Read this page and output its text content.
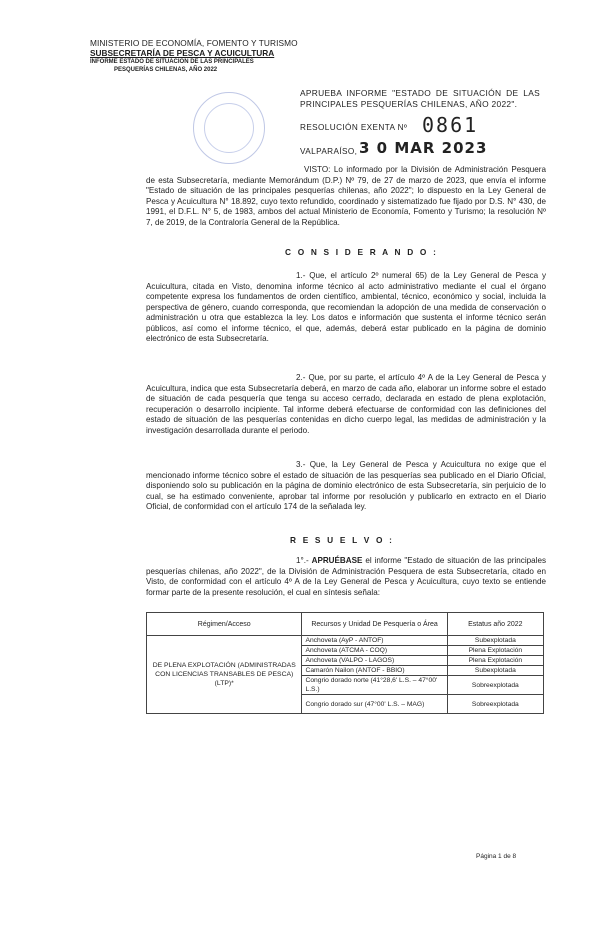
MINISTERIO DE ECONOMÍA, FOMENTO Y TURISMO
SUBSECRETARÍA DE PESCA Y ACUICULTURA
INFORME ESTADO DE SITUACIÓN DE LAS PRINCIPALES
PESQUERÍAS CHILENAS, AÑO 2022
APRUEBA INFORME "ESTADO DE SITUACIÓN DE LAS PRINCIPALES PESQUERÍAS CHILENAS, AÑO 2022".
RESOLUCIÓN EXENTA Nº 0861
VALPARAÍSO, 3 0 MAR 2023
VISTO: Lo informado por la División de Administración Pesquera de esta Subsecretaría, mediante Memorándum (D.P.) Nº 79, de 27 de marzo de 2023, que envía el informe "Estado de situación de las principales pesquerías chilenas, año 2022"; lo dispuesto en la Ley General de Pesca y Acuicultura N° 18.892, cuyo texto refundido, coordinado y sistematizado fue fijado por D.S. N° 430, de 1991, el D.F.L. N° 5, de 1983, ambos del actual Ministerio de Economía, Fomento y Turismo; la resolución Nº 7, de 2019, de la Contraloría General de la República.
C O N S I D E R A N D O :
1.- Que, el artículo 2º numeral 65) de la Ley General de Pesca y Acuicultura, citada en Visto, denomina informe técnico al acto administrativo mediante el cual el órgano competente expresa los fundamentos de orden científico, ambiental, técnico, económico y social, incluida la perspectiva de género, cuando corresponda, que recomiendan la adopción de una medida de conservación o administración u otra que establezca la ley. Los datos e información que sustenta el informe técnico serán públicos, así como el informe técnico, el que, además, deberá estar publicado en la página de dominio electrónico de esta Subsecretaría.
2.- Que, por su parte, el artículo 4º A de la Ley General de Pesca y Acuicultura, indica que esta Subsecretaría deberá, en marzo de cada año, elaborar un informe sobre el estado de situación de cada pesquería que tenga su acceso cerrado, declarada en estado de plena explotación, recuperación o desarrollo incipiente. Tal informe deberá efectuarse de conformidad con las definiciones del estado de situación de las pesquerías contenidas en dicho cuerpo legal, las medidas de administración y la investigación desarrollada durante el periodo.
3.- Que, la Ley General de Pesca y Acuicultura no exige que el mencionado informe técnico sobre el estado de situación de las pesquerías sea publicado en el Diario Oficial, disponiendo solo su publicación en la página de dominio electrónico de esta Subsecretaría, sin perjuicio de lo cual, se ha estimado conveniente, aprobar tal informe por resolución y publicarlo en extracto en el Diario Oficial, de conformidad con el artículo 174 de la señalada ley.
R E S U E L V O :
1°.- APRUÉBASE el informe "Estado de situación de las principales pesquerías chilenas, año 2022", de la División de Administración Pesquera de esta Subsecretaría, citado en Visto, de conformidad con el artículo 4º A de la Ley General de Pesca y Acuicultura, cuyo texto se entiende formar parte de la presente resolución, el cual en síntesis señala:
Régimen/Acceso	Recursos y Unidad De Pesquería o Área	Estatus año 2022
DE PLENA EXPLOTACIÓN (ADMINISTRADAS CON LICENCIAS TRANSABLES DE PESCA) (LTP)*	Anchoveta (AyP - ANTOF)	Subexplotada
	Anchoveta (ATCMA - COQ)	Plena Explotación
	Anchoveta (VALPO - LAGOS)	Plena Explotación
	Camarón Nailon (ANTOF - BBIO)	Subexplotada
	Congrio dorado norte (41°28,6' L.S. – 47°00' L.S.)	Sobreexplotada
	Congrio dorado sur (47°00' L.S. – MAG)	Sobreexplotada
Página 1 de 8
